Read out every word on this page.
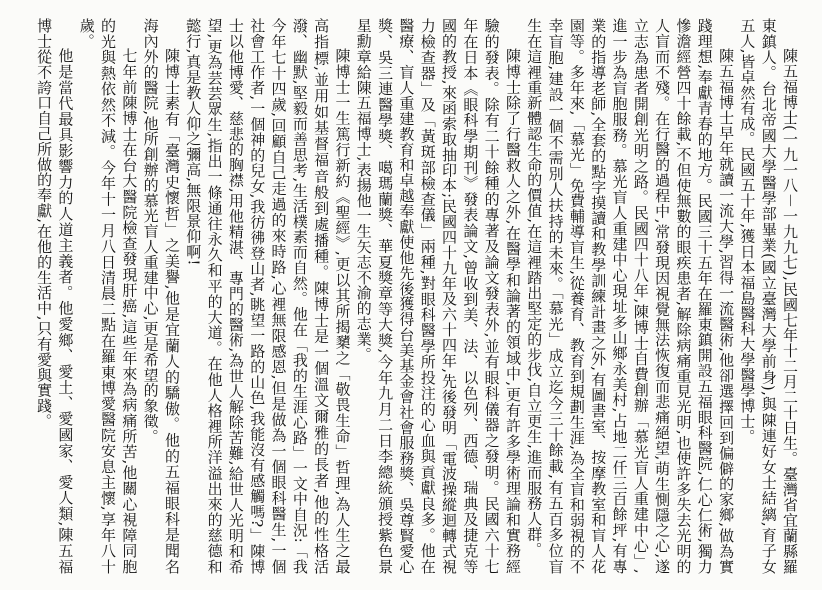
陳五福博士(一九一八－一九九七),民國七年十二月二十日生。臺灣省宜蘭縣羅東鎮人。台北帝國大學醫學部畢業(國立臺灣大學前身),與陳連好女士結縭,育子女五人,皆卓然有成。民國五十年,獲日本福島醫科大學醫學博士。

陳五福博士早年就讀一流大學,習得一流醫術,他卻選擇回到偏僻的家鄉,做為實踐理想,奉獻青春的地方。民國三十五年在羅東鎮開設五福眼科醫院,仁心仁術,獨力慘澹經營四十餘載,不但使無數的眼疾患者,解除病痛重見光明,也使許多失去光明的人盲而不殘。在行醫的過程中,常發現因視覺無法恢復而悲痛絕望,萌生惻隱之心,遂立志為患者開創光明之路。民國四十八年,陳博士自費創辦「慕光盲人重建中心」,進一步為盲胞服務。慕光盲人重建中心現址多山鄉永美村,占地二仟三百餘坪,有專業的指導老師,全套的點字摸讀和教學訓練計畫之外,有圖書室、按摩教室和盲人花園等。多年來,「慕光」免費輔導盲生,從養育、教育到規劃生涯,為全盲和弱視的不幸盲胞,建設一個不需別人扶持的未來。「慕光」成立迄今三十餘載,有五百多位盲生在這裡重新體認生命的價值,在這裡踏出堅定的步伐,自立更生,進而服務人群。

陳博士除了行醫救人之外,在醫學和論著的領域中,更有許多學術理論和實務經驗的發表。除有二十餘種的專著及論文發表外,並有眼科儀器之發明。民國六十七年在日本《眼科學期刊》發表論文,曾收到美、法、以色列、西德、瑞典及捷克等國的教授,來函索取抽印本;民國四十九年及六十四年,先後發明「電波操縱迴轉式視力檢查器」及「黃斑部檢查儀」兩種,對眼科醫學所投注的心血與貢獻良多。他在醫療、盲人重建教育和卓越奉獻使他先後獲得台美基金會社會服務獎、吳尊賢愛心獎、吳三連醫學獎、噶瑪蘭獎、華夏獎章等大獎,今年九月二日李總統頒授紫色景星勳章給陳五福博士,表揚他一生矢志不渝的志業。

陳博士一生篤行新約《聖經》,更以其所揭櫫之「敬畏生命」哲理,為人生之最高指標,並用如基督福音般到處播種。陳博士是一個溫文爾雅的長者,他的性格活潑、幽默,堅毅而善思考,生活樸素而自然。他在「我的生涯心路」一文中自況:「我今年七十四歲,回顧自己走過的來時路,心裡無限感恩,但是做為一個眼科醫生,一個社會工作者,一個神的兒女,我彷彿登山者,眺望一路的山色,我能沒有感觸嗎?」陳博士以他博愛、慈悲的胸襟,用他精湛、專門的醫術,為世人解除苦難,給世人光明和希望,更為芸芸眾生,指出一條通往永久和平的大道。在他人格裡所洋溢出來的慈德和懿行,真是教人仰之彌高,無限景仰啊!

陳博士素有「臺灣史懷哲」之美譽,他是宜蘭人的驕傲。他的五福眼科是聞名海內外的醫院,他所創辦的慕光盲人重建中心,更是希望的象徵。

七年前陳博士在台大醫院檢查發現肝癌,這些年來為病痛所苦,他關心視障同胞的光與熱依然不減。今年十一月八日清晨二點在羅東博愛醫院安息主懷,享年八十歲。

他是當代最具影響力的人道主義者。他愛鄉、愛土、愛國家、愛人類,陳五福博士從不誇口自己所做的奉獻,在他的生活中,只有愛與實踐。
